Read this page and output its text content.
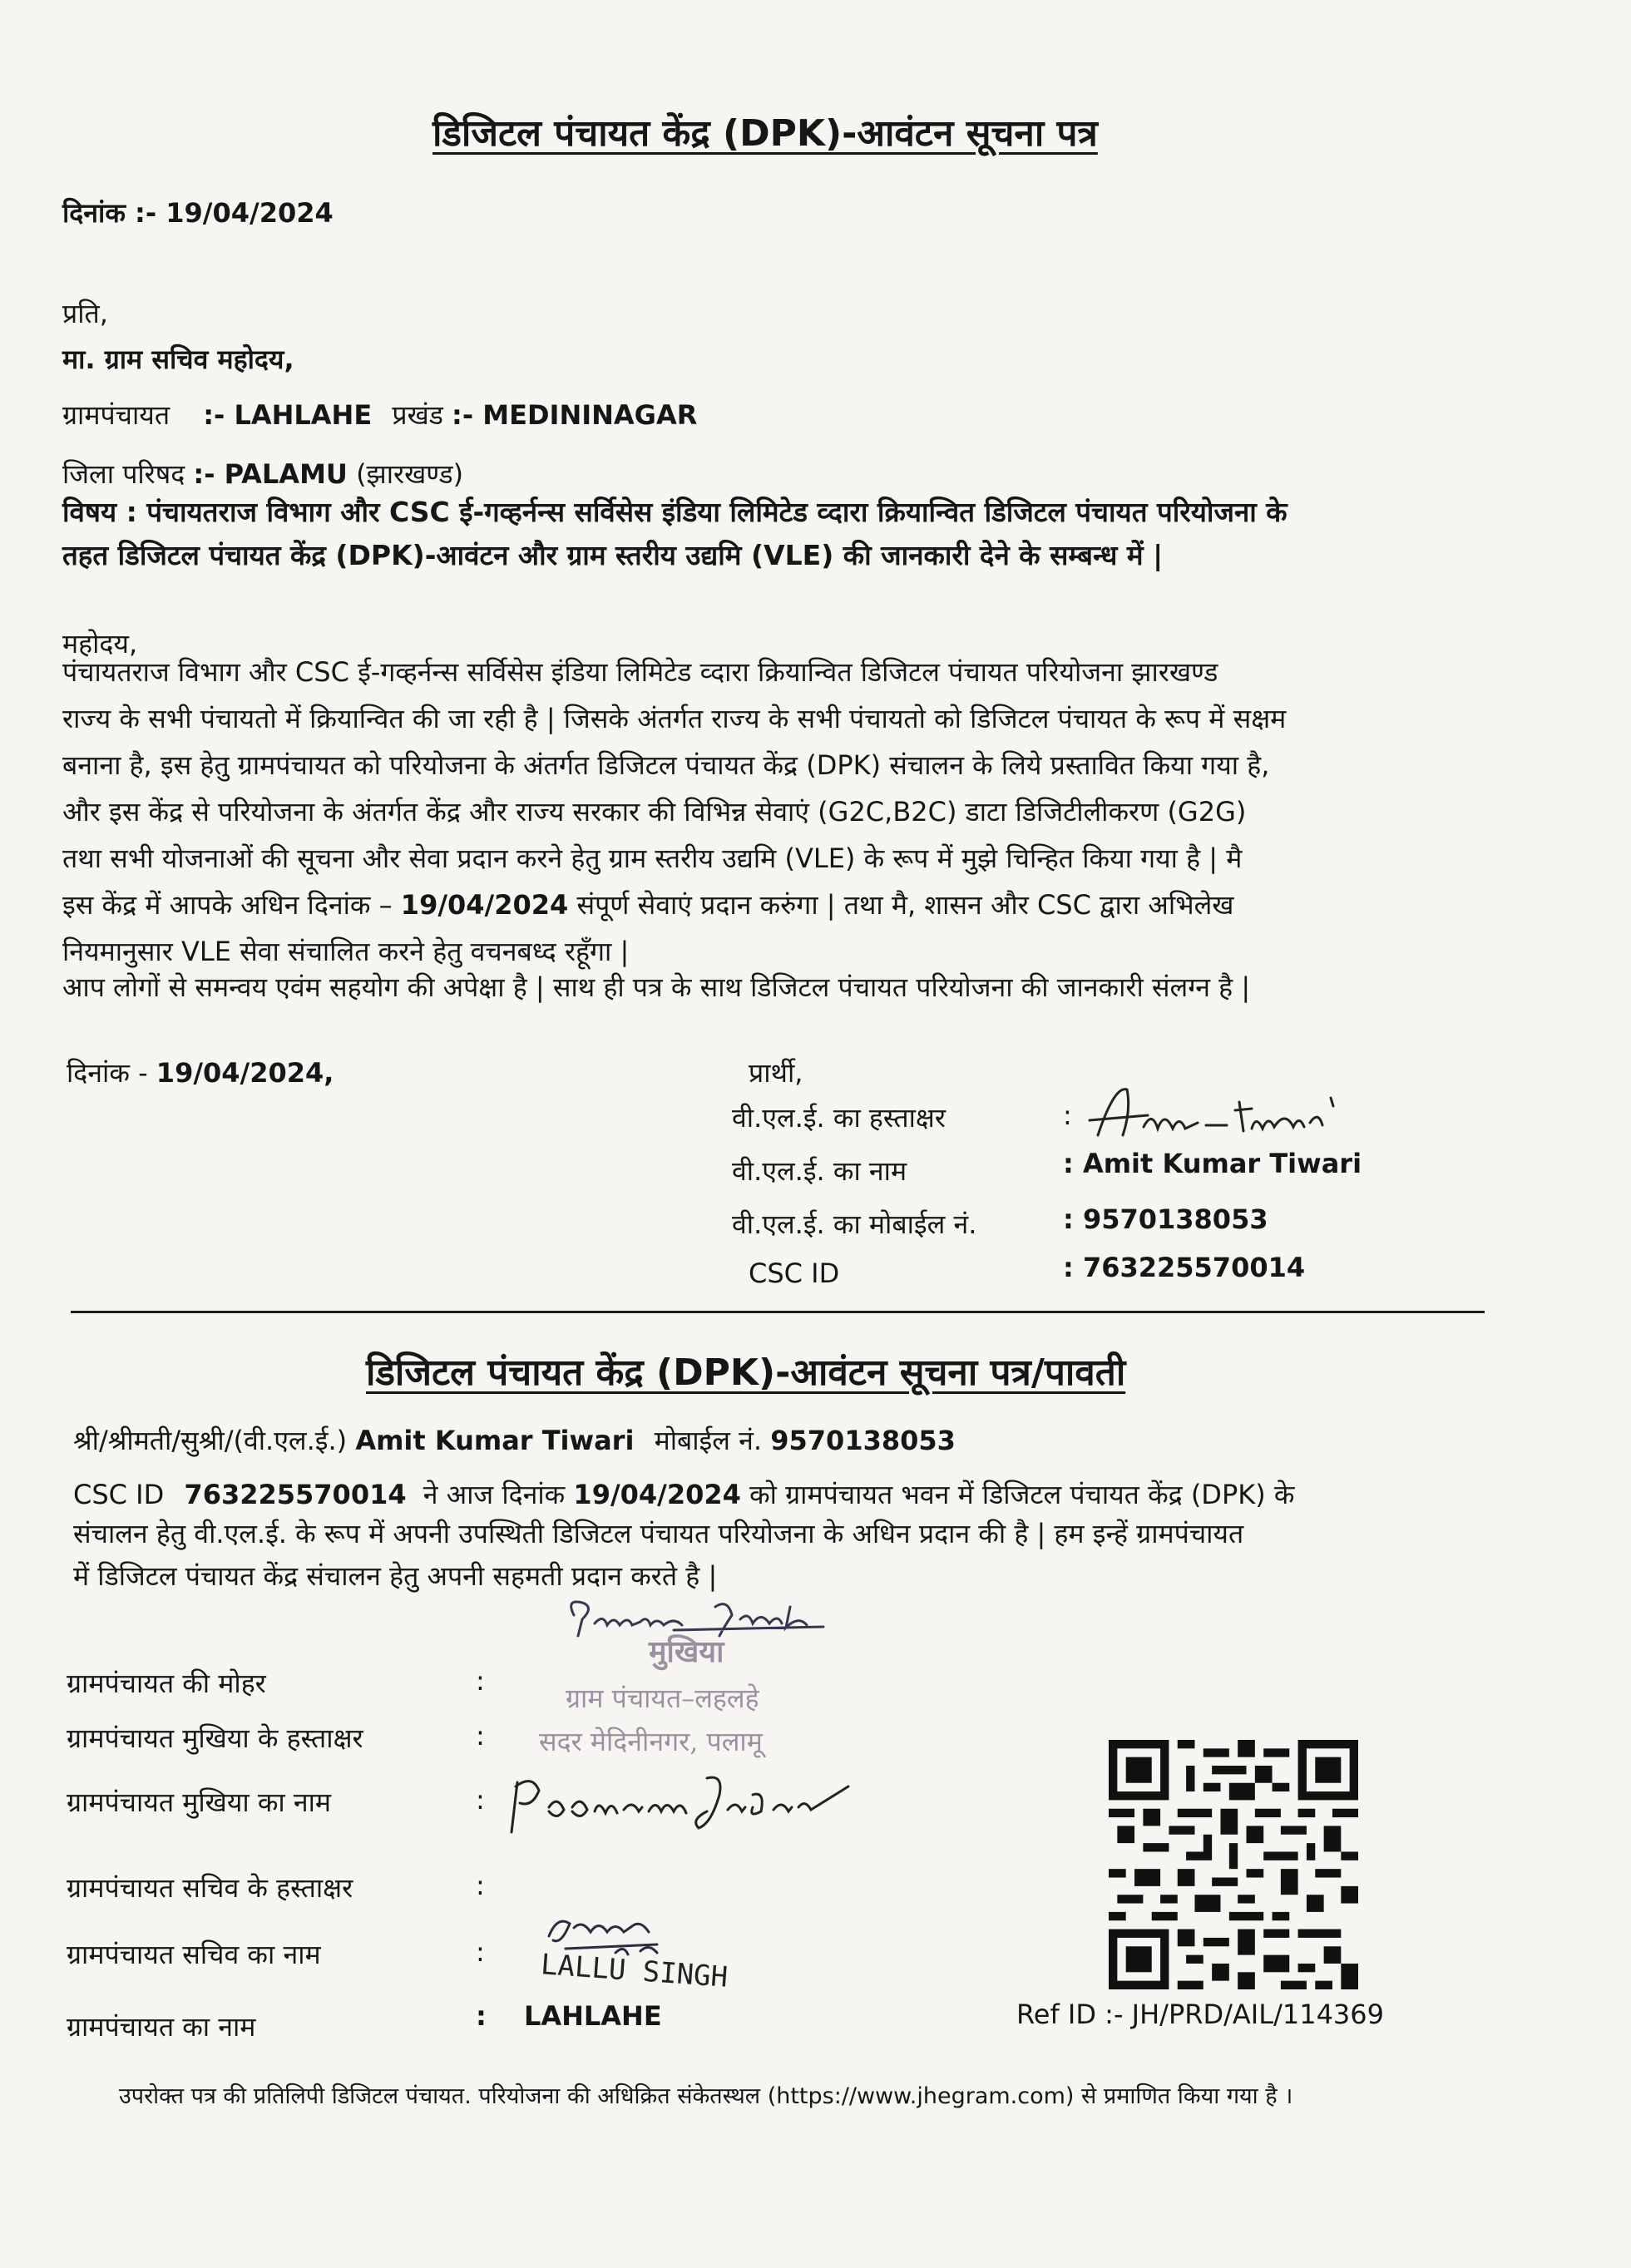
डिजिटल पंचायत केंद्र (DPK)-आवंटन सूचना पत्र
दिनांक :- 19/04/2024
प्रति,
मा. ग्राम सचिव महोदय,
ग्रामपंचायत :- LAHLAHE प्रखंड :- MEDININAGAR
जिला परिषद :- PALAMU (झारखण्ड)
विषय : पंचायतराज विभाग और CSC ई-गव्हर्नन्स सर्विसेस इंडिया लिमिटेड व्दारा क्रियान्वित डिजिटल पंचायत परियोजना के
तहत डिजिटल पंचायत केंद्र (DPK)-आवंटन और ग्राम स्तरीय उद्यमि (VLE) की जानकारी देने के सम्बन्ध में |
महोदय,
पंचायतराज विभाग और CSC ई-गव्हर्नन्स सर्विसेस इंडिया लिमिटेड व्दारा क्रियान्वित डिजिटल पंचायत परियोजना झारखण्ड
राज्य के सभी पंचायतो में क्रियान्वित की जा रही है | जिसके अंतर्गत राज्य के सभी पंचायतो को डिजिटल पंचायत के रूप में सक्षम
बनाना है, इस हेतु ग्रामपंचायत को परियोजना के अंतर्गत डिजिटल पंचायत केंद्र (DPK) संचालन के लिये प्रस्तावित किया गया है,
और इस केंद्र से परियोजना के अंतर्गत केंद्र और राज्य सरकार की विभिन्न सेवाएं (G2C,B2C) डाटा डिजिटीलीकरण (G2G)
तथा सभी योजनाओं की सूचना और सेवा प्रदान करने हेतु ग्राम स्तरीय उद्यमि (VLE) के रूप में मुझे चिन्हित किया गया है | मै
इस केंद्र में आपके अधिन दिनांक – 19/04/2024 संपूर्ण सेवाएं प्रदान करुंगा | तथा मै, शासन और CSC द्वारा अभिलेख
नियमानुसार VLE सेवा संचालित करने हेतु वचनबध्द रहूँगा |
आप लोगों से समन्वय एवंम सहयोग की अपेक्षा है | साथ ही पत्र के साथ डिजिटल पंचायत परियोजना की जानकारी संलग्न है |
दिनांक - 19/04/2024,	प्रार्थी,
वी.एल.ई. का हस्ताक्षर	:
वी.एल.ई. का नाम	: Amit Kumar Tiwari
वी.एल.ई. का मोबाईल नं.	: 9570138053
CSC ID	: 763225570014
डिजिटल पंचायत केंद्र (DPK)-आवंटन सूचना पत्र/पावती
श्री/श्रीमती/सुश्री/(वी.एल.ई.) Amit Kumar Tiwari मोबाईल नं. 9570138053
CSC ID 763225570014 ने आज दिनांक 19/04/2024 को ग्रामपंचायत भवन में डिजिटल पंचायत केंद्र (DPK) के
संचालन हेतु वी.एल.ई. के रूप में अपनी उपस्थिती डिजिटल पंचायत परियोजना के अधिन प्रदान की है | हम इन्हें ग्रामपंचायत
में डिजिटल पंचायत केंद्र संचालन हेतु अपनी सहमती प्रदान करते है |
ग्रामपंचायत की मोहर	:
ग्रामपंचायत मुखिया के हस्ताक्षर	:
ग्रामपंचायत मुखिया का नाम	:
ग्रामपंचायत सचिव के हस्ताक्षर	:
ग्रामपंचायत सचिव का नाम	:
ग्रामपंचायत का नाम	: LAHLAHE
मुखिया
ग्राम पंचायत–लहलहे
सदर मेदिनीनगर, पलामू
LALLU SINGH
Ref ID :- JH/PRD/AIL/114369
उपरोक्त पत्र की प्रतिलिपी डिजिटल पंचायत. परियोजना की अधिक्रित संकेतस्थल (https://www.jhegram.com) से प्रमाणित किया गया है ।
